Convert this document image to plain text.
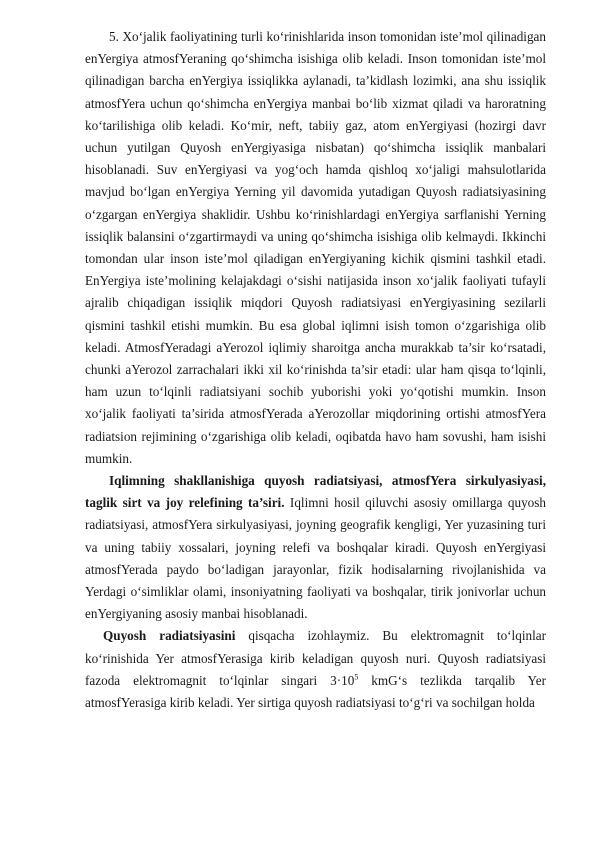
5. Xo‘jalik faoliyatining turli ko‘rinishlarida inson tomonidan iste’mol qilinadigan enYergiya atmosfYeraning qo‘shimcha isishiga olib keladi. Inson tomonidan iste’mol qilinadigan barcha enYergiya issiqlikka aylanadi, ta’kidlash lozimki, ana shu issiqlik atmosfYera uchun qo‘shimcha enYergiya manbai bo‘lib xizmat qiladi va haroratning ko‘tarilishiga olib keladi. Ko‘mir, neft, tabiiy gaz, atom enYergiyasi (hozirgi davr uchun yutilgan Quyosh enYergiyasiga nisbatan) qo‘shimcha issiqlik manbalari hisoblanadi. Suv enYergiyasi va yog‘och hamda qishloq xo‘jaligi mahsulotlarida mavjud bo‘lgan enYergiya Yerning yil davomida yutadigan Quyosh radiatsiyasining o‘zgargan enYergiya shaklidir. Ushbu ko‘rinishlardagi enYergiya sarflanishi Yerning issiqlik balansini o‘zgartirmaydi va uning qo‘shimcha isishiga olib kelmaydi. Ikkinchi tomondan ular inson iste’mol qiladigan enYergiyaning kichik qismini tashkil etadi. EnYergiya iste’molining kelajakdagi o‘sishi natijasida inson xo‘jalik faoliyati tufayli ajralib chiqadigan issiqlik miqdori Quyosh radiatsiyasi enYergiyasining sezilarli qismini tashkil etishi mumkin. Bu esa global iqlimni isish tomon o‘zgarishiga olib keladi. AtmosfYeradagi aYerozol iqlimiy sharoitga ancha murakkab ta’sir ko‘rsatadi, chunki aYerozol zarrachalari ikki xil ko‘rinishda ta’sir etadi: ular ham qisqa to‘lqinli, ham uzun to‘lqinli radiatsiyani sochib yuborishi yoki yo‘qotishi mumkin. Inson xo‘jalik faoliyati ta’sirida atmosfYerada aYerozollar miqdorining ortishi atmosfYera radiatsion rejimining o‘zgarishiga olib keladi, oqibatda havo ham sovushi, ham isishi mumkin.

Iqlimning shakllanishiga quyosh radiatsiyasi, atmosfYera sirkulyasiyasi, taglik sirt va joy relefining ta’siri. Iqlimni hosil qiluvchi asosiy omillarga quyosh radiatsiyasi, atmosfYera sirkulyasiyasi, joyning geografik kengligi, Yer yuzasining turi va uning tabiiy xossalari, joyning relefi va boshqalar kiradi. Quyosh enYergiyasi atmosfYerada paydo bo‘ladigan jarayonlar, fizik hodisalarning rivojlanishida va Yerdagi o‘simliklar olami, insoniyatning faoliyati va boshqalar, tirik jonivorlar uchun enYergiyaning asosiy manbai hisoblanadi.

Quyosh radiatsiyasini qisqacha izohlaymiz. Bu elektromagnit to‘lqinlar ko‘rinishida Yer atmosfYerasiga kirib keladigan quyosh nuri. Quyosh radiatsiyasi fazoda elektromagnit to‘lqinlar singari $3\cdot 10^5$ kmG‘s tezlikda tarqalib Yer atmosfYerasiga kirib keladi. Yer sirtiga quyosh radiatsiyasi to‘g‘ri va sochilgan holda
